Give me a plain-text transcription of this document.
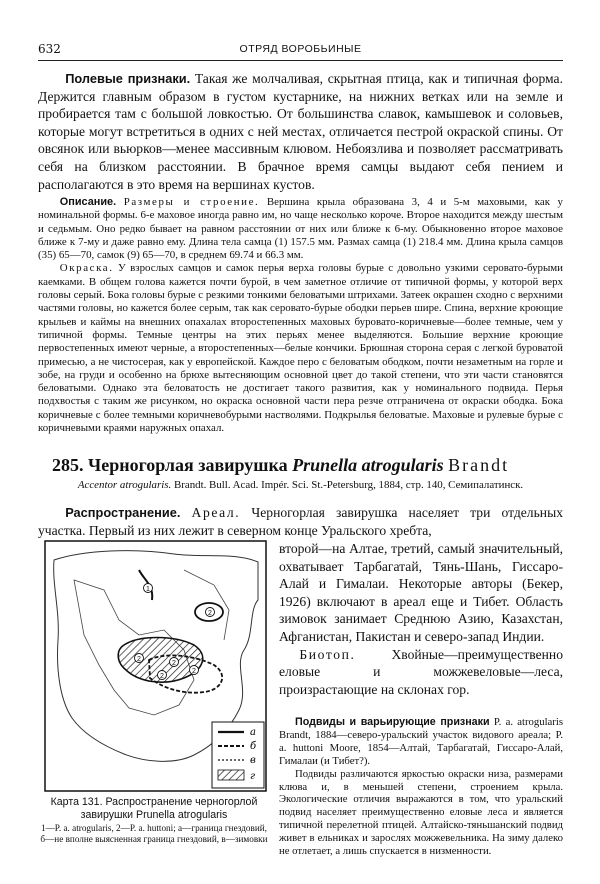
632	ОТРЯД ВОРОБЬИНЫЕ

Полевые признаки. Такая же молчаливая, скрытная птица, как и типичная форма. Держится главным образом в густом кустарнике, на нижних ветках или на земле и пробирается там с большой ловкостью. От большинства славок, камышевок и соловьев, которые могут встретиться в одних с ней местах, отличается пестрой окраской спины. От овсянок или вьюрков—менее массивным клювом. Небоязлива и позволяет рассматривать себя на близком расстоянии. В брачное время самцы выдают себя пением и располагаются в это время на вершинах кустов.

Описание. Размеры и строение. Вершина крыла образована 3, 4 и 5-м маховыми, как у номинальной формы. 6-е маховое иногда равно им, но чаще несколько короче. Второе находится между шестым и седьмым. Оно редко бывает на равном расстоянии от них или ближе к 6-му. Обыкновенно второе маховое ближе к 7-му и даже равно ему. Длина тела самца (1) 157.5 мм. Размах самца (1) 218.4 мм. Длина крыла самцов (35) 65—70, самок (9) 65—70, в среднем 69.74 и 66.3 мм.

Окраска. У взрослых самцов и самок перья верха головы бурые с довольно узкими серовато-бурыми каемками. В общем голова кажется почти бурой, в чем заметное отличие от типичной формы, у которой верх головы серый. Бока головы бурые с резкими тонкими беловатыми штрихами. Затеек окрашен сходно с верхними частями головы, но кажется более серым, так как серовато-бурые ободки перьев шире. Спина, верхние кроющие крыльев и каймы на внешних опахалах второстепенных маховых буровато-коричневые—более темные, чем у типичной формы. Темные центры на этих перьях менее выделяются. Большие верхние кроющие первостепенных имеют черные, а второстепенных—белые кончики. Брюшная сторона серая с легкой буроватой примесью, а не чистосерая, как у европейской. Каждое перо с беловатым ободком, почти незаметным на горле и зобе, на груди и особенно на брюхе вытесняющим основной цвет до такой степени, что эти части становятся беловатыми. Однако эта беловатость не достигает такого развития, как у номинального подвида. Перья подхвостья с таким же рисунком, но окраска основной части пера резче отграничена от окраски ободка. Бока коричневые с более темными коричневобурыми настволями. Подкрылья беловатые. Маховые и рулевые бурые с коричневыми краями наружных опахал.

285. Черногорлая завирушка Prunella atrogularis Brandt
Accentor atrogularis. Brandt. Bull. Acad. Impér. Sci. St.-Petersburg, 1884, стр. 140, Семипалатинск.

Распространение. Ареал. Черногорлая завирушка населяет три отдельных участка. Первый из них лежит в северном конце Уральского хребта,

второй—на Алтае, третий, самый значительный, охватывает Тарбагатай, Тянь-Шань, Гиссаро-Алай и Гималаи. Некоторые авторы (Бекер, 1926) включают в ареал еще и Тибет. Область зимовок занимает Среднюю Азию, Казахстан, Афганистан, Пакистан и северо-запад Индии.

Биотоп.	Хвойные—преимущественно еловые и можжевеловые—леса, произрастающие на склонах гор.

Подвиды и варьирующие признаки P. a. atrogularis Brandt, 1884—северо-уральский участок видового ареала; P. a. huttoni Moore, 1854—Алтай, Тарбагатай, Гиссаро-Алай, Гималаи (и Тибет?).

Подвиды различаются яркостью окраски низа, размерами клюва и, в меньшей степени, строением крыла. Экологические отличия выражаются в том, что уральский подвид населяет преимущественно еловые леса и является типичной перелетной птицей. Алтайско-тяньшанский подвид живет в ельниках и зарослях можжевельника. На зиму далеко не отлетает, а лишь спускается в низменности.

1
2
2
2
2
2
а
б
в
г
Карта 131. Распространение черногорлой завирушки Prunella atrogularis
1—P. a. atrogularis, 2—P. a. huttoni; а—граница гнездовий, б—не вполне выясненная граница гнездовий, в—зимовки
